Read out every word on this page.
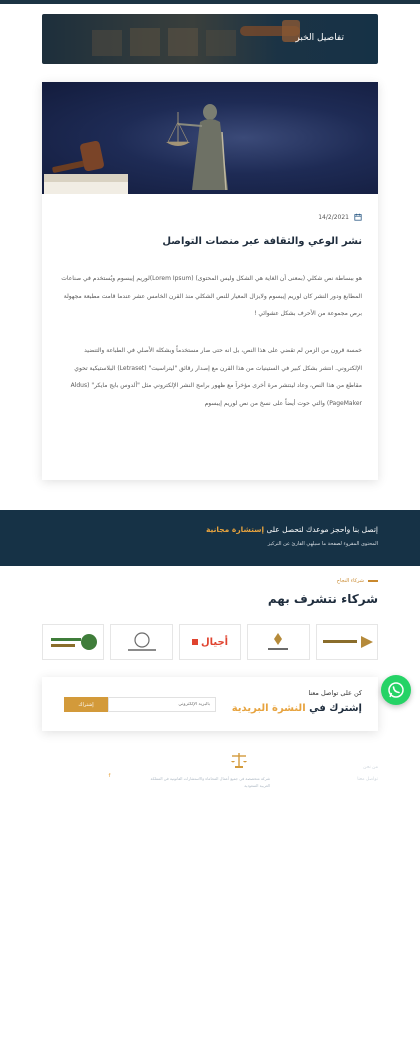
تفاصيل الخبر
14/2/2021
نشر الوعي والثقافة عبر منصات التواصل

هو ببساطة نص شكلي (بمعنى أن الغاية هي الشكل وليس المحتوى) (Lorem Ipsum)لوريم إيبسوم ويُستخدم في صناعات المطابع ودور النشر كان لوريم إيبسوم ولايزال المعيار للنص الشكلي منذ القرن الخامس عشر عندما قامت مطبعة مجهولة برص مجموعة من الأحرف بشكل عشوائي !

خمسة قرون من الزمن لم تقضي على هذا النص، بل انه حتى صار مستخدماً وبشكله الأصلي في الطباعة والتنضيد الإلكتروني. انتشر بشكل كبير في الستينيات من هذا القرن مع إصدار رقائق "ليتراسيت" (Letraset) البلاستيكية تحوي مقاطع من هذا النص، وعاد لينتشر مرة أخرى مؤخراَ مع ظهور برامج النشر الإلكتروني مثل "ألدوس بايج مايكر" (Aldus PageMaker) والتي حوت أيضاً على نسخ من نص لوريم إيبسوم

إتصل بنا واحجز موعدك لتحصل على إستشارة مجانية
المحتوى المقروء لصفحة ما سيلهي القارئ عن التركيز
إتصل بنا
شركاء النجاح
شركاء نتشرف بهم
أجيال
كن على تواصل معنا
إشترك في النشرة البريدية
بالبريد الإلكتروني
إشتراك
روابط هامة
من نحن
تواصل معنا
رؤية قانونية
LEGAL VISION
شركة متخصصة في جميع أعمال المحاماة والاستشارات القانونية في المملكة العربية السعودية
تابعنا
f
♪
◎
✦
☗
in
▶
